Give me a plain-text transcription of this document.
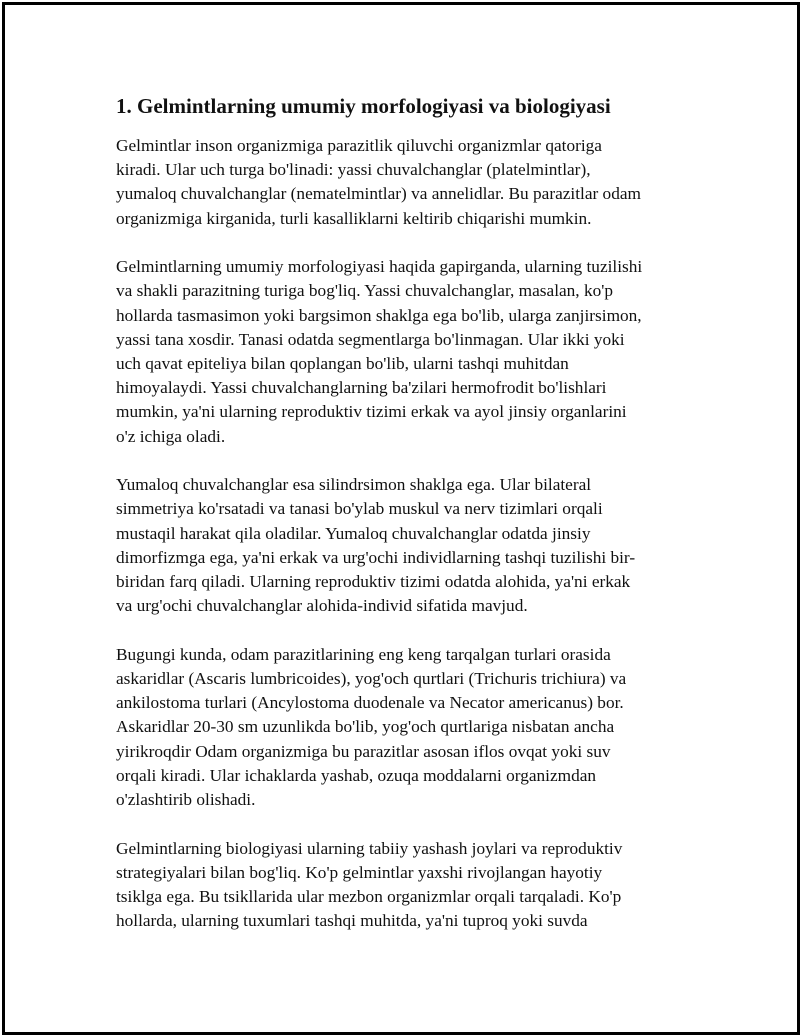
1. Gelmintlarning umumiy morfologiyasi va biologiyasi
Gelmintlar inson organizmiga parazitlik qiluvchi organizmlar qatoriga
kiradi. Ular uch turga bo'linadi: yassi chuvalchanglar (platelmintlar),
yumaloq chuvalchanglar (nematelmintlar) va annelidlar. Bu parazitlar odam
organizmiga kirganida, turli kasalliklarni keltirib chiqarishi mumkin.
Gelmintlarning umumiy morfologiyasi haqida gapirganda, ularning tuzilishi
va shakli parazitning turiga bog'liq. Yassi chuvalchanglar, masalan, ko'p
hollarda tasmasimon yoki bargsimon shaklga ega bo'lib, ularga zanjirsimon,
yassi tana xosdir. Tanasi odatda segmentlarga bo'linmagan. Ular ikki yoki
uch qavat epiteliya bilan qoplangan bo'lib, ularni tashqi muhitdan
himoyalaydi. Yassi chuvalchanglarning ba'zilari hermofrodit bo'lishlari
mumkin, ya'ni ularning reproduktiv tizimi erkak va ayol jinsiy organlarini
o'z ichiga oladi.
Yumaloq chuvalchanglar esa silindrsimon shaklga ega. Ular bilateral
simmetriya ko'rsatadi va tanasi bo'ylab muskul va nerv tizimlari orqali
mustaqil harakat qila oladilar. Yumaloq chuvalchanglar odatda jinsiy
dimorfizmga ega, ya'ni erkak va urg'ochi individlarning tashqi tuzilishi bir-
biridan farq qiladi. Ularning reproduktiv tizimi odatda alohida, ya'ni erkak
va urg'ochi chuvalchanglar alohida-individ sifatida mavjud.
Bugungi kunda, odam parazitlarining eng keng tarqalgan turlari orasida
askaridlar (Ascaris lumbricoides), yog'och qurtlari (Trichuris trichiura) va
ankilostoma turlari (Ancylostoma duodenale va Necator americanus) bor.
Askaridlar 20-30 sm uzunlikda bo'lib, yog'och qurtlariga nisbatan ancha
yirikroqdir Odam organizmiga bu parazitlar asosan iflos ovqat yoki suv
orqali kiradi. Ular ichaklarda yashab, ozuqa moddalarni organizmdan
o'zlashtirib olishadi.
Gelmintlarning biologiyasi ularning tabiiy yashash joylari va reproduktiv
strategiyalari bilan bog'liq. Ko'p gelmintlar yaxshi rivojlangan hayotiy
tsiklga ega. Bu tsikllarida ular mezbon organizmlar orqali tarqaladi. Ko'p
hollarda, ularning tuxumlari tashqi muhitda, ya'ni tuproq yoki suvda
